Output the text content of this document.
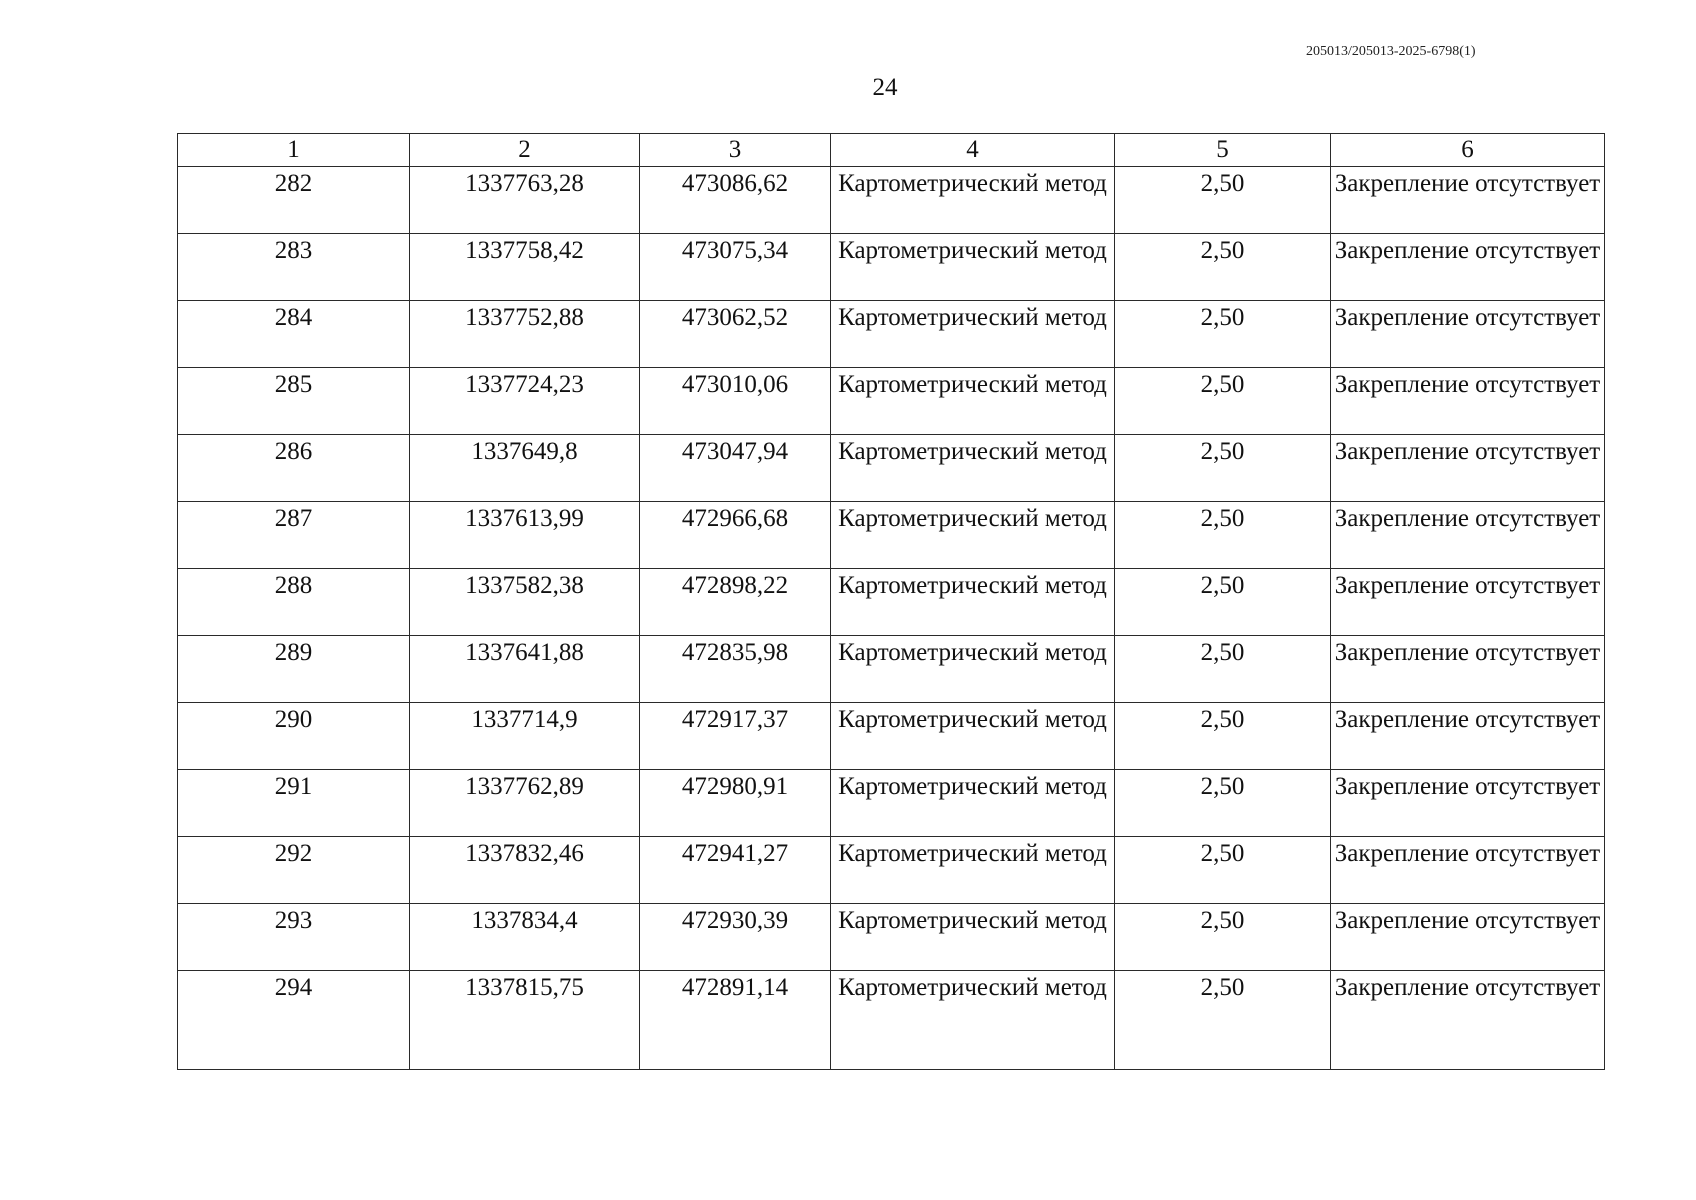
205013/205013-2025-6798(1)
24
1	2	3	4	5	6

282	1337763,28	473086,62	Картометрический метод	2,50	Закрепление отсутствует

283	1337758,42	473075,34	Картометрический метод	2,50	Закрепление отсутствует

284	1337752,88	473062,52	Картометрический метод	2,50	Закрепление отсутствует

285	1337724,23	473010,06	Картометрический метод	2,50	Закрепление отсутствует

286	1337649,8	473047,94	Картометрический метод	2,50	Закрепление отсутствует

287	1337613,99	472966,68	Картометрический метод	2,50	Закрепление отсутствует

288	1337582,38	472898,22	Картометрический метод	2,50	Закрепление отсутствует

289	1337641,88	472835,98	Картометрический метод	2,50	Закрепление отсутствует

290	1337714,9	472917,37	Картометрический метод	2,50	Закрепление отсутствует

291	1337762,89	472980,91	Картометрический метод	2,50	Закрепление отсутствует

292	1337832,46	472941,27	Картометрический метод	2,50	Закрепление отсутствует

293	1337834,4	472930,39	Картометрический метод	2,50	Закрепление отсутствует

294	1337815,75	472891,14	Картометрический метод	2,50	Закрепление отсутствует
